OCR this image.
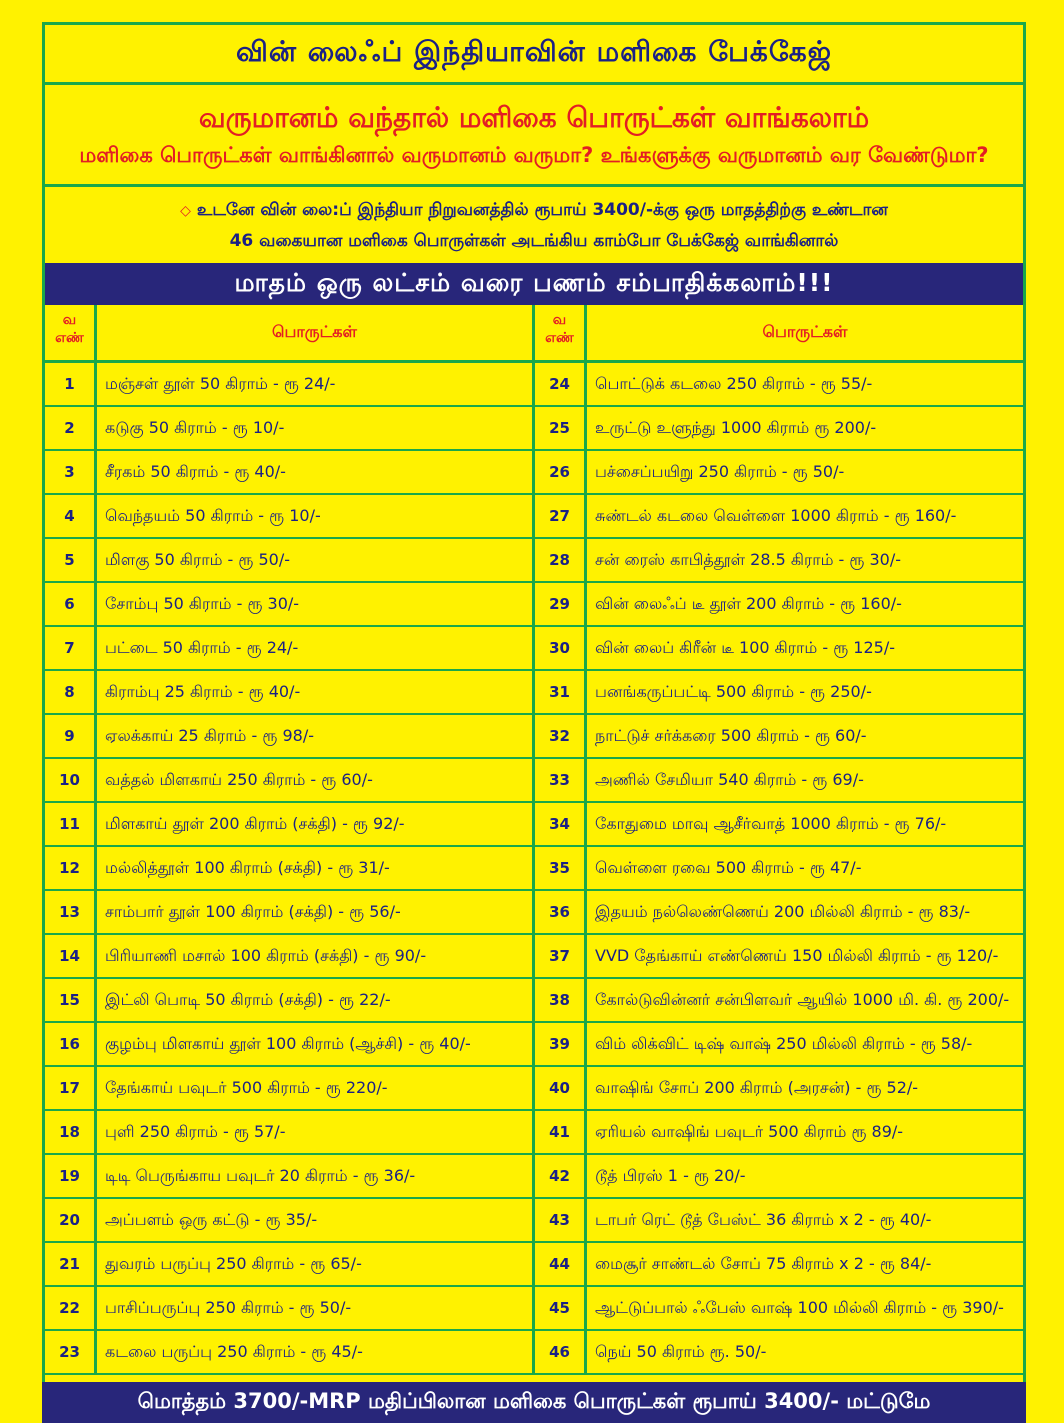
வின் லைஃப் இந்தியாவின் மளிகை பேக்கேஜ்
வருமானம் வந்தால் மளிகை பொருட்கள் வாங்கலாம்
மளிகை பொருட்கள் வாங்கினால் வருமானம் வருமா? உங்களுக்கு வருமானம் வர வேண்டுமா?
◇ உடனே வின் லை:ப் இந்தியா நிறுவனத்தில் ரூபாய் 3400/-க்கு ஒரு மாதத்திற்கு உண்டான
46 வகையான மளிகை பொருள்கள் அடங்கிய காம்போ பேக்கேஜ் வாங்கினால்
மாதம் ஒரு லட்சம் வரை பணம் சம்பாதிக்கலாம்!!!
வ
எண்	பொருட்கள்
1	மஞ்சள் தூள் 50 கிராம் - ரூ 24/-
2	கடுகு 50 கிராம் - ரூ 10/-
3	சீரகம் 50 கிராம் - ரூ 40/-
4	வெந்தயம் 50 கிராம் - ரூ 10/-
5	மிளகு 50 கிராம் - ரூ 50/-
6	சோம்பு 50 கிராம் - ரூ 30/-
7	பட்டை 50 கிராம் - ரூ 24/-
8	கிராம்பு 25 கிராம் - ரூ 40/-
9	ஏலக்காய் 25 கிராம் - ரூ 98/-
10	வத்தல் மிளகாய் 250 கிராம் - ரூ 60/-
11	மிளகாய் தூள் 200 கிராம் (சக்தி) - ரூ 92/-
12	மல்லித்தூள் 100 கிராம் (சக்தி) - ரூ 31/-
13	சாம்பார் தூள் 100 கிராம் (சக்தி) - ரூ 56/-
14	பிரியாணி மசால் 100 கிராம் (சக்தி) - ரூ 90/-
15	இட்லி பொடி 50 கிராம் (சக்தி) - ரூ 22/-
16	குழம்பு மிளகாய் தூள் 100 கிராம் (ஆச்சி) - ரூ 40/-
17	தேங்காய் பவுடர் 500 கிராம் - ரூ 220/-
18	புளி 250 கிராம் - ரூ 57/-
19	டிடி பெருங்காய பவுடர் 20 கிராம் - ரூ 36/-
20	அப்பளம் ஒரு கட்டு - ரூ 35/-
21	துவரம் பருப்பு 250 கிராம் - ரூ 65/-
22	பாசிப்பருப்பு 250 கிராம் - ரூ 50/-
23	கடலை பருப்பு 250 கிராம் - ரூ 45/-
வ
எண்	பொருட்கள்
24	பொட்டுக் கடலை 250 கிராம் - ரூ 55/-
25	உருட்டு உளுந்து 1000 கிராம் ரூ 200/-
26	பச்சைப்பயிறு 250 கிராம் - ரூ 50/-
27	சுண்டல் கடலை வெள்ளை 1000 கிராம் - ரூ 160/-
28	சன் ரைஸ் காபித்தூள் 28.5 கிராம் - ரூ 30/-
29	வின் லைஃப் டீ தூள் 200 கிராம் - ரூ 160/-
30	வின் லைப் கிரீன் டீ 100 கிராம் - ரூ 125/-
31	பனங்கருப்பட்டி 500 கிராம் - ரூ 250/-
32	நாட்டுச் சர்க்கரை 500 கிராம் - ரூ 60/-
33	அணில் சேமியா 540 கிராம் - ரூ 69/-
34	கோதுமை மாவு ஆசீர்வாத் 1000 கிராம் - ரூ 76/-
35	வெள்ளை ரவை 500 கிராம் - ரூ 47/-
36	இதயம் நல்லெண்ணெய் 200 மில்லி கிராம் - ரூ 83/-
37	VVD தேங்காய் எண்ணெய் 150 மில்லி கிராம் - ரூ 120/-
38	கோல்டுவின்னர் சன்பிளவர் ஆயில் 1000 மி. கி. ரூ 200/-
39	விம் லிக்விட் டிஷ் வாஷ் 250 மில்லி கிராம் - ரூ 58/-
40	வாஷிங் சோப் 200 கிராம் (அரசன்) - ரூ 52/-
41	ஏரியல் வாஷிங் பவுடர் 500 கிராம் ரூ 89/-
42	டூத் பிரஸ் 1 - ரூ 20/-
43	டாபர் ரெட் டூத் பேஸ்ட் 36 கிராம் x 2 - ரூ 40/-
44	மைசூர் சாண்டல் சோப் 75 கிராம் x 2 - ரூ 84/-
45	ஆட்டுப்பால் ஃபேஸ் வாஷ் 100 மில்லி கிராம் - ரூ 390/-
46	நெய் 50 கிராம் ரூ. 50/-
மொத்தம் 3700/-MRP மதிப்பிலான மளிகை பொருட்கள் ரூபாய் 3400/- மட்டுமே
